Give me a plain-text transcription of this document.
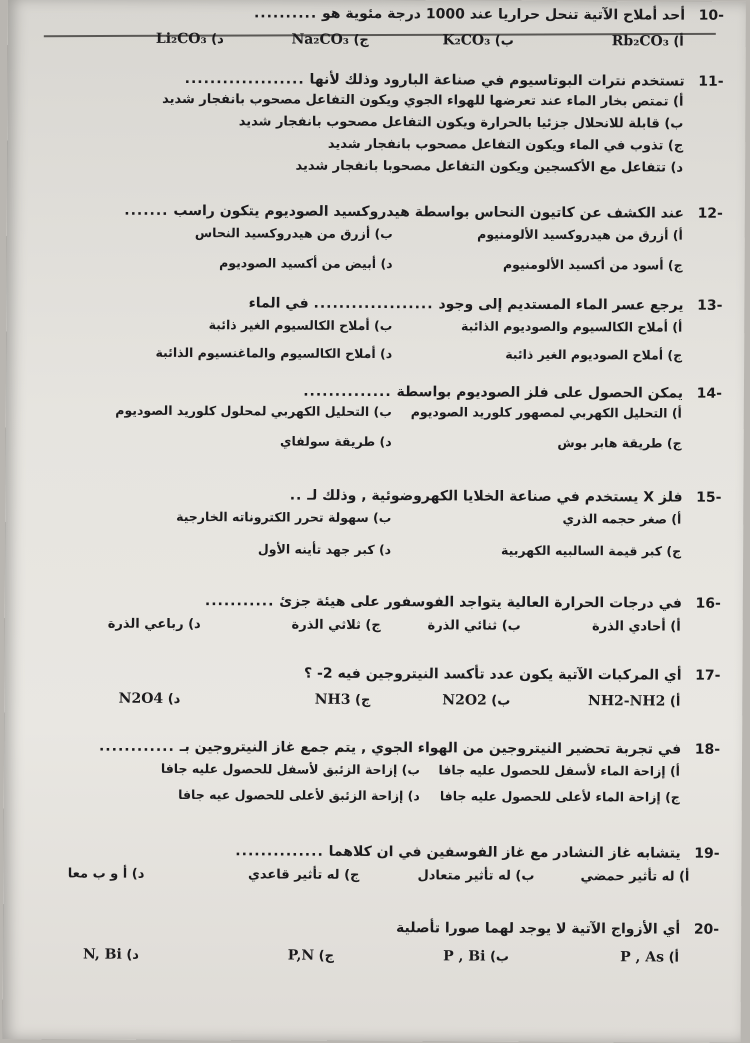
-10 أحد أملاح الآتية تنحل حراريا عند 1000 درجة مئوية هو ..........
أ) Rb₂CO₃
ب) K₂CO₃
ج) Na₂CO₃
د) Li₂CO₃
-11 تستخدم نترات البوتاسيوم في صناعة البارود وذلك لأنها ...................
أ) تمتص بخار الماء عند تعرضها للهواء الجوي ويكون التفاعل مصحوب بانفجار شديد
ب) قابلة للانحلال جزئيا بالحرارة ويكون التفاعل مصحوب بانفجار شديد
ج) تذوب في الماء ويكون التفاعل مصحوب بانفجار شديد
د) تتفاعل مع الأكسجين ويكون التفاعل مصحوبا بانفجار شديد
-12 عند الكشف عن كاتيون النحاس بواسطة هيدروكسيد الصوديوم يتكون راسب .......
أ) أزرق من هيدروكسيد الألومنيوم
ب) أزرق من هيدروكسيد النحاس
ج) أسود من أكسيد الألومنيوم
د) أبيض من أكسيد الصوديوم
-13 يرجع عسر الماء المستديم إلى وجود ................... في الماء
أ) أملاح الكالسيوم والصوديوم الذائبة
ب) أملاح الكالسيوم الغير ذائبة
ج) أملاح الصوديوم الغير ذائبة
د) أملاح الكالسيوم والماغنسيوم الذائبة
-14 يمكن الحصول على فلز الصوديوم بواسطة ..............
أ) التحليل الكهربي لمصهور كلوريد الصوديوم
ب) التحليل الكهربي لمحلول كلوريد الصوديوم
ج) طريقة هابر بوش
د) طريقة سولفاي
-15 فلز X يستخدم في صناعة الخلايا الكهروضوئية , وذلك لـ ..
أ) صغر حجمه الذري
ب) سهولة تحرر الكتروناته الخارجية
ج) كبر قيمة السالبيه الكهربية
د) كبر جهد تأينه الأول
-16 في درجات الحرارة العالية يتواجد الفوسفور على هيئة جزئ ...........
أ) أحادي الذرة
ب) ثنائي الذرة
ج) ثلاثي الذرة
د) رباعي الذرة
-17 أي المركبات الآتية يكون عدد تأكسد النيتروجين فيه 2- ؟
أ) NH2-NH2
ب) N2O2
ج) NH3
د) N2O4
-18 في تجربة تحضير النيتروجين من الهواء الجوي , يتم جمع غاز النيتروجين بـ ............
أ) إزاحة الماء لأسفل للحصول عليه جافا
ب) إزاحة الزئبق لأسفل للحصول عليه جافا
ج) إزاحة الماء لأعلى للحصول عليه جافا
د) إزاحة الزئبق لأعلى للحصول عيه جافا
-19 يتشابه غاز النشادر مع غاز الفوسفين في ان كلاهما ..............
أ) له تأثير حمضي
ب) له تأثير متعادل
ج) له تأثير قاعدي
د) أ و ب معا
-20 أي الأزواج الآتية لا يوجد لهما صورا تأصلية
أ) P , As
ب) P , Bi
ج) P,N
د) N, Bi
